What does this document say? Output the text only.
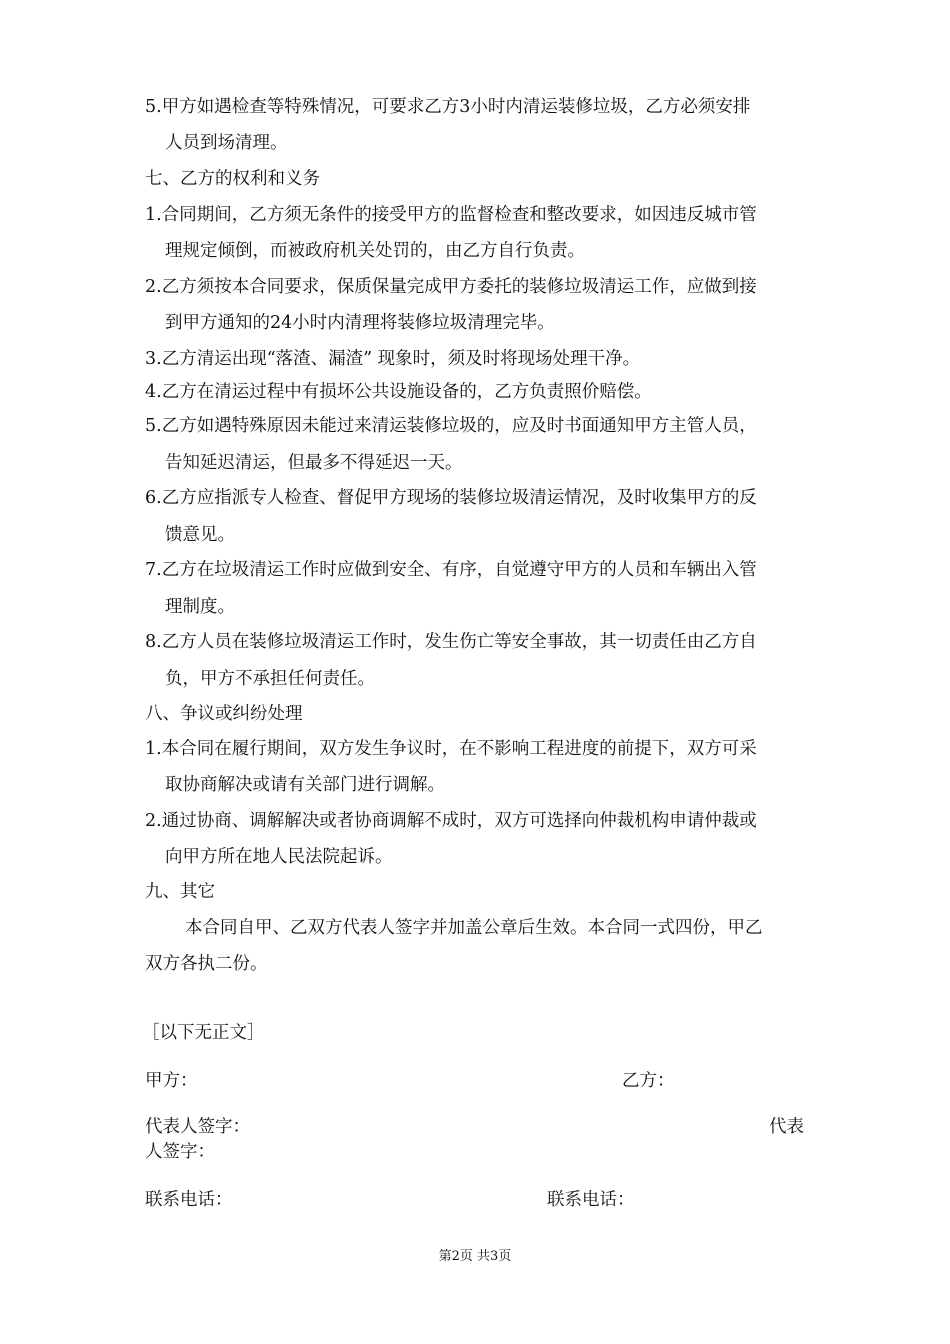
5.甲方如遇检查等特殊情况，可要求乙方3小时内清运装修垃圾，乙方必须安排
人员到场清理。
七、乙方的权利和义务
1.合同期间，乙方须无条件的接受甲方的监督检查和整改要求，如因违反城市管
理规定倾倒，而被政府机关处罚的，由乙方自行负责。
2.乙方须按本合同要求，保质保量完成甲方委托的装修垃圾清运工作，应做到接
到甲方通知的24小时内清理将装修垃圾清理完毕。
3.乙方清运出现“落渣、漏渣” 现象时，须及时将现场处理干净。
4.乙方在清运过程中有损坏公共设施设备的，乙方负责照价赔偿。
5.乙方如遇特殊原因未能过来清运装修垃圾的，应及时书面通知甲方主管人员，
告知延迟清运，但最多不得延迟一天。
6.乙方应指派专人检查、督促甲方现场的装修垃圾清运情况，及时收集甲方的反
馈意见。
7.乙方在垃圾清运工作时应做到安全、有序，自觉遵守甲方的人员和车辆出入管
理制度。
8.乙方人员在装修垃圾清运工作时，发生伤亡等安全事故，其一切责任由乙方自
负，甲方不承担任何责任。
八、争议或纠纷处理
1.本合同在履行期间，双方发生争议时，在不影响工程进度的前提下，双方可采
取协商解决或请有关部门进行调解。
2.通过协商、调解解决或者协商调解不成时，双方可选择向仲裁机构申请仲裁或
向甲方所在地人民法院起诉。
九、其它
本合同自甲、乙双方代表人签字并加盖公章后生效。本合同一式四份，甲乙
双方各执二份。
［以下无正文］
甲方：	乙方：
代表人签字：	代表
人签字：
联系电话：	联系电话：
第2页 共3页
